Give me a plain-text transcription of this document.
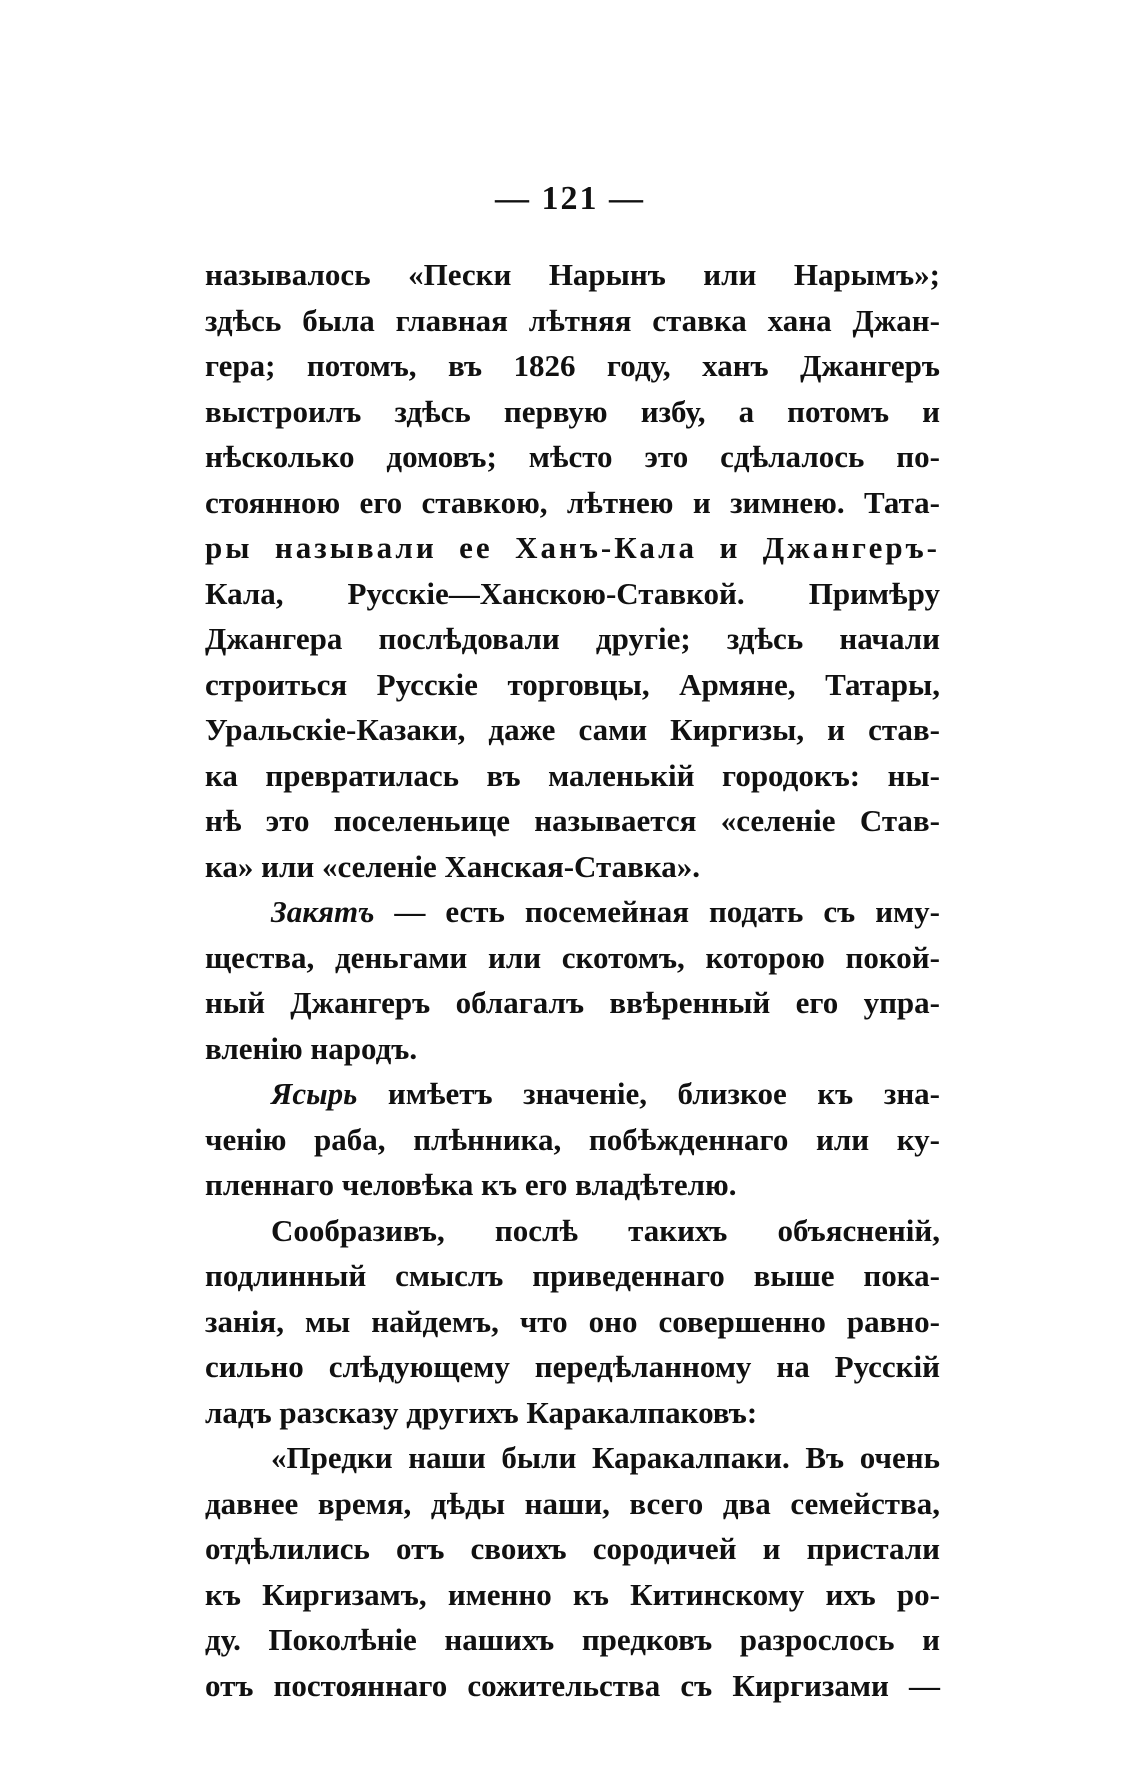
— 121 —
называлось «Пески Нарынъ или Нарымъ»;
здѣсь была главная лѣтняя ставка хана Джан-
гера; потомъ, въ 1826 году, ханъ Джангеръ
выстроилъ здѣсь первую избу, а потомъ и
нѣсколько домовъ; мѣсто это сдѣлалось по-
стоянною его ставкою, лѣтнею и зимнею. Тата-
ры называли ее Ханъ-Кала и Джангеръ-
Кала, Русскіе—Ханскою-Ставкой. Примѣру
Джангера послѣдовали другіе; здѣсь начали
строиться Русскіе торговцы, Армяне, Татары,
Уральскіе-Казаки, даже сами Киргизы, и став-
ка превратилась въ маленькій городокъ: ны-
нѣ это поселеньице называется «селеніе Став-
ка» или «селеніе Ханская-Ставка».
Закятъ — есть посемейная подать съ иму-
щества, деньгами или скотомъ, которою покой-
ный Джангеръ облагалъ ввѣренный его упра-
вленію народъ.
Ясырь имѣетъ значеніе, близкое къ зна-
ченію раба, плѣнника, побѣжденнаго или ку-
пленнаго человѣка къ его владѣтелю.
Сообразивъ, послѣ такихъ объясненій,
подлинный смыслъ приведеннаго выше пока-
занія, мы найдемъ, что оно совершенно равно-
сильно слѣдующему передѣланному на Русскій
ладъ разсказу другихъ Каракалпаковъ:
«Предки наши были Каракалпаки. Въ очень
давнее время, дѣды наши, всего два семейства,
отдѣлились отъ своихъ сородичей и пристали
къ Киргизамъ, именно къ Китинскому ихъ ро-
ду. Поколѣніе нашихъ предковъ разрослось и
отъ постояннаго сожительства съ Киргизами —
